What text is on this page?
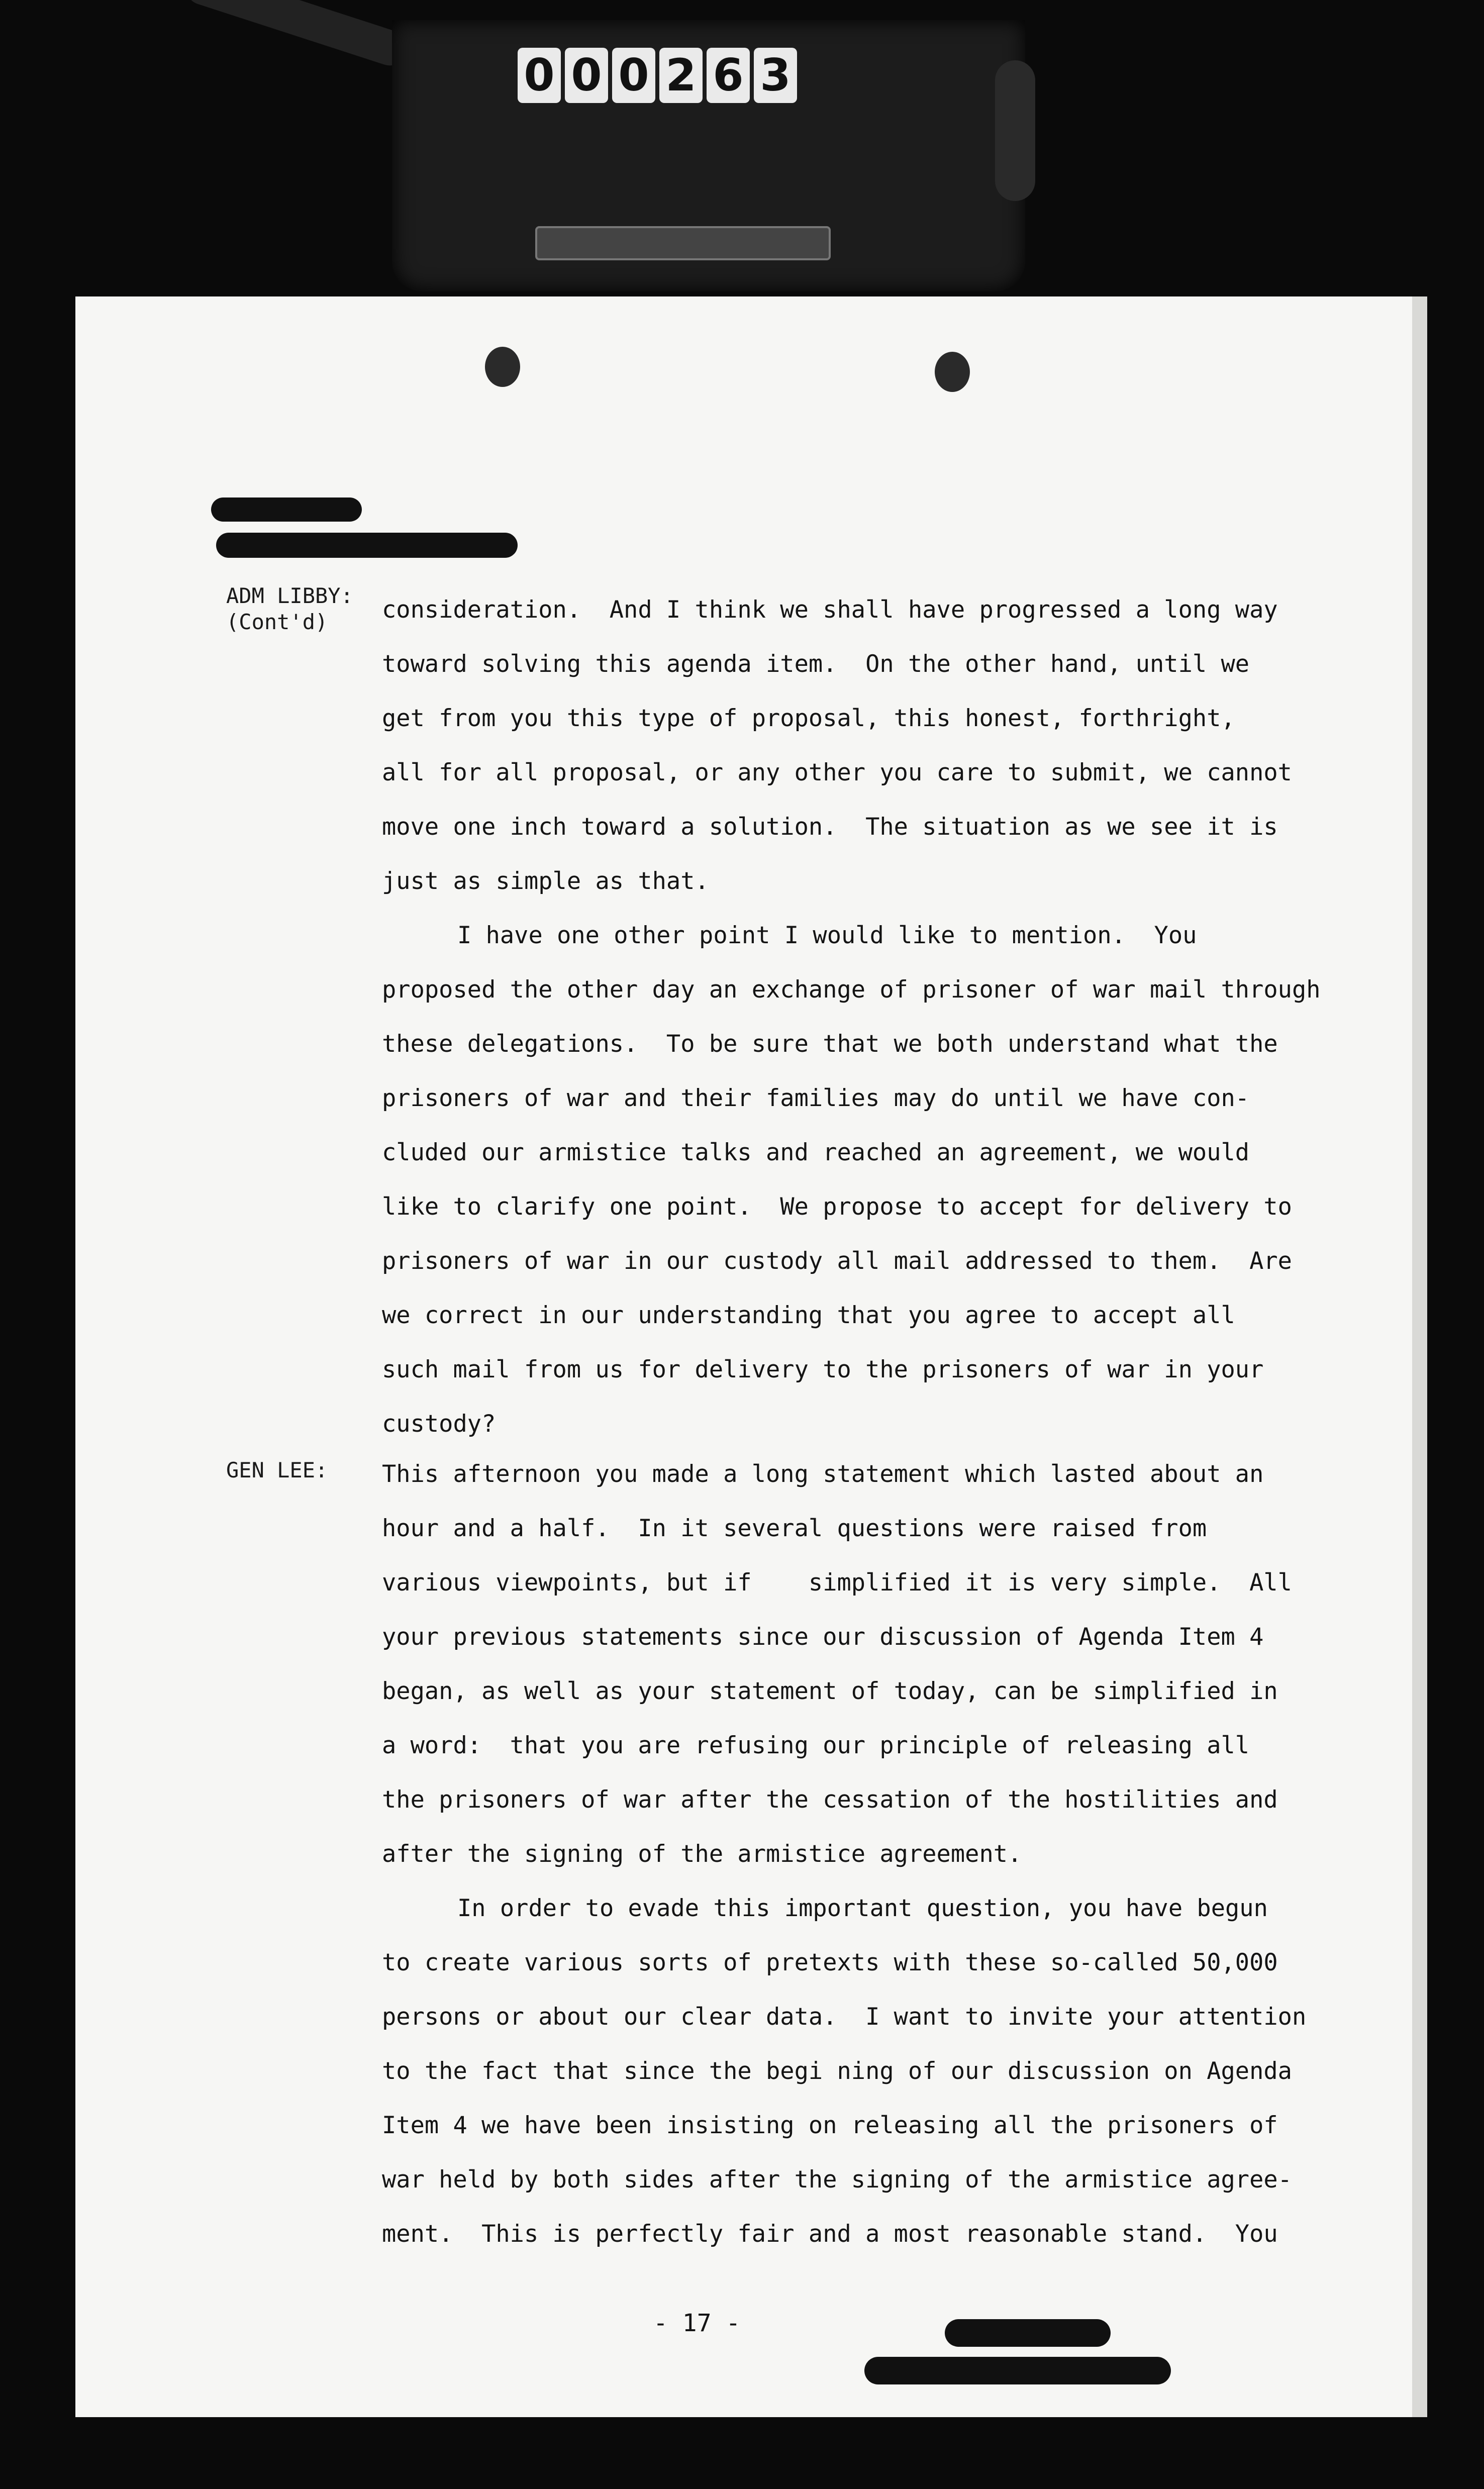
0 0 0 2 6 3
ADM LIBBY:
(Cont'd)	consideration.  And I think we shall have progressed a long way
toward solving this agenda item.  On the other hand, until we
get from you this type of proposal, this honest, forthright,
all for all proposal, or any other you care to submit, we cannot
move one inch toward a solution.  The situation as we see it is
just as simple as that.
I have one other point I would like to mention.  You
proposed the other day an exchange of prisoner of war mail through
these delegations.  To be sure that we both understand what the
prisoners of war and their families may do until we have con-
cluded our armistice talks and reached an agreement, we would
like to clarify one point.  We propose to accept for delivery to
prisoners of war in our custody all mail addressed to them.  Are
we correct in our understanding that you agree to accept all
such mail from us for delivery to the prisoners of war in your
custody?
GEN LEE: This afternoon you made a long statement which lasted about an
hour and a half.  In it several questions were raised from
various viewpoints, but if    simplified it is very simple.  All
your previous statements since our discussion of Agenda Item 4
began, as well as your statement of today, can be simplified in
a word:  that you are refusing our principle of releasing all
the prisoners of war after the cessation of the hostilities and
after the signing of the armistice agreement.
In order to evade this important question, you have begun
to create various sorts of pretexts with these so-called 50,000
persons or about our clear data.  I want to invite your attention
to the fact that since the begi ning of our discussion on Agenda
Item 4 we have been insisting on releasing all the prisoners of
war held by both sides after the signing of the armistice agree-
ment.  This is perfectly fair and a most reasonable stand.  You
- 17 -
